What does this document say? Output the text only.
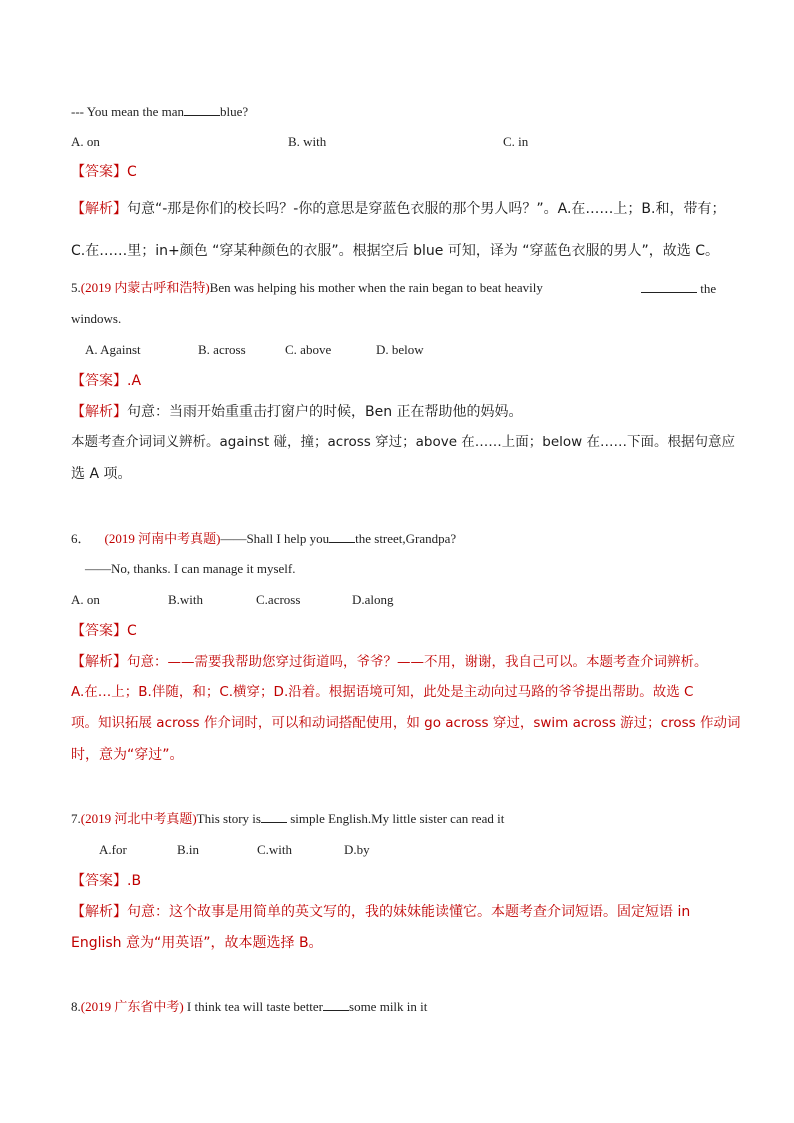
--- You mean the man	blue?
A. on	B. with	C. in
【答案】C
【解析】句意“-那是你们的校长吗？-你的意思是穿蓝色衣服的那个男人吗？”。A.在……上；B.和，带有；
C.在……里；in+颜色 “穿某种颜色的衣服”。根据空后 blue 可知，译为 “穿蓝色衣服的男人”，故选 C。
5.(2019 内蒙古呼和浩特)Ben was helping his mother when the rain began to beat heavily	the
windows.
A. Against	B. across	C. above	D. below
【答案】.A
【解析】句意：当雨开始重重击打窗户的时候，Ben 正在帮助他的妈妈。
本题考查介词词义辨析。against 碰，撞；across 穿过；above 在……上面；below 在……下面。根据句意应
选 A 项。
6． (2019 河南中考真题)——Shall I help you the street,Grandpa?
——No, thanks. I can manage it myself.
A. on	B.with	C.across	D.along
【答案】C
【解析】句意：——需要我帮助您穿过街道吗，爷爷？——不用，谢谢，我自己可以。本题考查介词辨析。
A.在…上；B.伴随，和；C.横穿；D.沿着。根据语境可知，此处是主动向过马路的爷爷提出帮助。故选 C
项。知识拓展 across 作介词时，可以和动词搭配使用，如 go across 穿过，swim across 游过；cross 作动词
时，意为“穿过”。
7.(2019 河北中考真题)This story is simple English.My little sister can read it
A.for	B.in	C.with	D.by
【答案】.B
【解析】句意：这个故事是用简单的英文写的，我的妹妹能读懂它。本题考查介词短语。固定短语 in
English 意为“用英语”，故本题选择 B。
8.(2019 广东省中考) I think tea will taste better some milk in it
